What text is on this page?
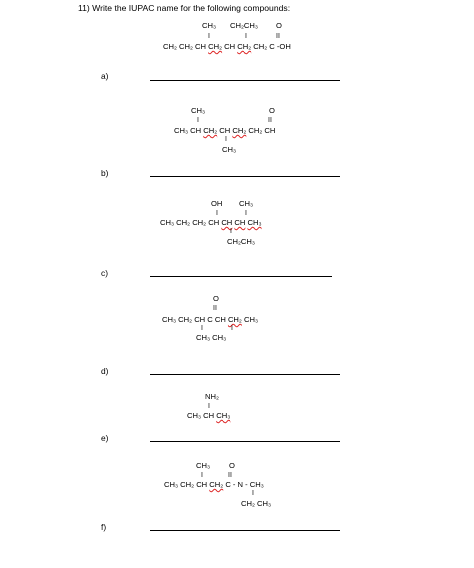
11) Write the IUPAC name for the following compounds:
CH₃ CH₂CH₃ O
I	I	II
CH₂ CH₂ CH CH₂ CH CH₂ CH₂ C -OH
a)
CH₃	O
I	II
CH₃ CH CH₂ CH CH₂ CH₂ CH
I
CH₃
b)
OH CH₃
I	I
CH₃ CH₂ CH₂ CH CH CH CH₃
I
CH₂CH₃
c)
O
II
CH₃ CH₂ CH C CH CH₂ CH₃
I	I
CH₃ CH₃
d)
NH₂
I
CH₃ CH CH₃
e)
CH₃ O
I	II
CH₃ CH₂ CH CH₂ C - N - CH₃
I
CH₂ CH₃
f)
